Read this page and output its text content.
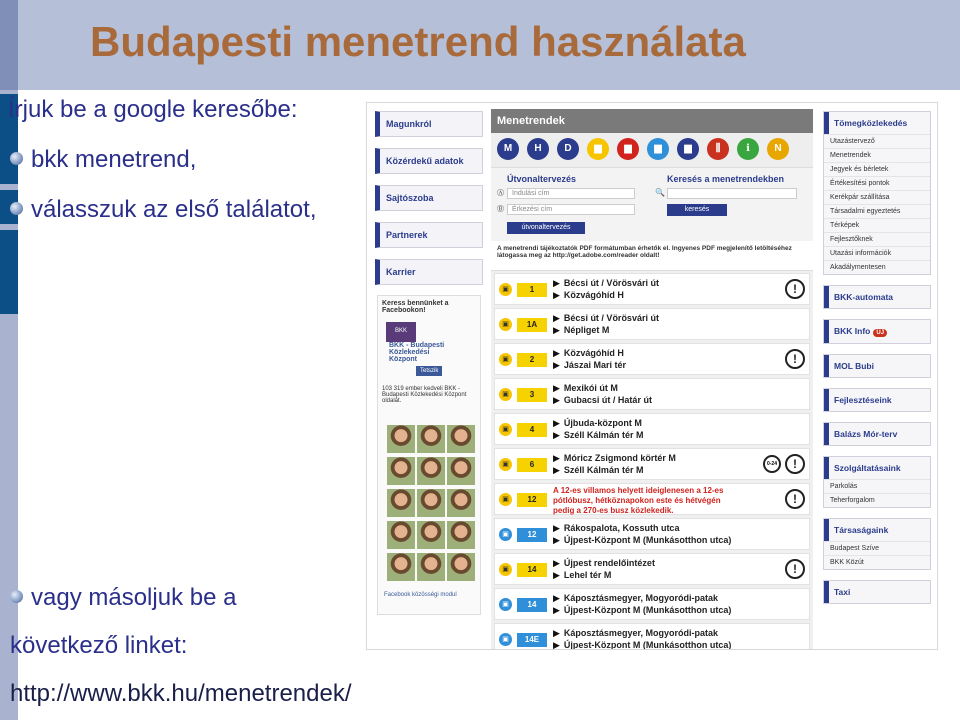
Budapesti menetrend használata
Írjuk be a google keresőbe:
bkk menetrend,
válasszuk az első találatot,
vagy másoljuk be a
következő linket:
http://www.bkk.hu/menetrendek/
Magunkról
Közérdekű adatok
Sajtószoba
Partnerek
Karrier
Keress bennünket a Facebookon!
BKK BKK - Budapesti Közlekedési Központ
Tetszik
103 319 ember kedveli BKK - Budapesti Közlekedési Központ oldalát.

Facebook közösségi modul
Menetrendek
M H D ▆ ▆ ▆ ▆ ⫼	ℹ N
Útvonaltervezés
Ⓐ	Indulási cím
Ⓑ	Érkezési cím
útvonaltervezés
Keresés a menetrendekben
🔍
keresés
A menetrendi tájékoztatók PDF formátumban érhetők el. Ingyenes PDF megjelenítő letöltéséhez látogassa meg az http://get.adobe.com/reader oldalt!
▣	1
▶ Bécsi út / Vörösvári út
▶ Közvágóhíd H	!
▣	1A
▶ Bécsi út / Vörösvári út
▶ Népliget M
▣	2
▶ Közvágóhíd H
▶ Jászai Mari tér	!
▣	3
▶ Mexikói út M
▶ Gubacsi út / Határ út
▣	4
▶ Újbuda-központ M
▶ Széll Kálmán tér M
▣	6
▶ Móricz Zsigmond körtér M
▶ Széll Kálmán tér M
0-24	!
▣	12
A 12-es villamos helyett ideiglenesen a 12-es
pótlóbusz, hétköznapokon este és hétvégén
pedig a 270-es busz közlekedik.
!
▣	12
▶ Rákospalota, Kossuth utca
▶ Újpest-Központ M (Munkásotthon utca)
▣	14
▶ Újpest rendelőintézet
▶ Lehel tér M	!
▣	14
▶ Káposztásmegyer, Mogyoródi-patak
▶ Újpest-Központ M (Munkásotthon utca)
▣	14E
▶ Káposztásmegyer, Mogyoródi-patak
▶ Újpest-Központ M (Munkásotthon utca)
Tömegközlekedés
Utazástervező
Menetrendek
Jegyek és bérletek
Értékesítési pontok
Kerékpár szállítása
Társadalmi egyeztetés
Térképek
Fejlesztőknek
Utazási információk
Akadálymentesen
BKK-automata
BKK Info ÚJ
MOL Bubi
Fejlesztéseink
Balázs Mór-terv
Szolgáltatásaink
Parkolás
Teherforgalom
Társaságaink
Budapest Szíve
BKK Közút
Taxi
